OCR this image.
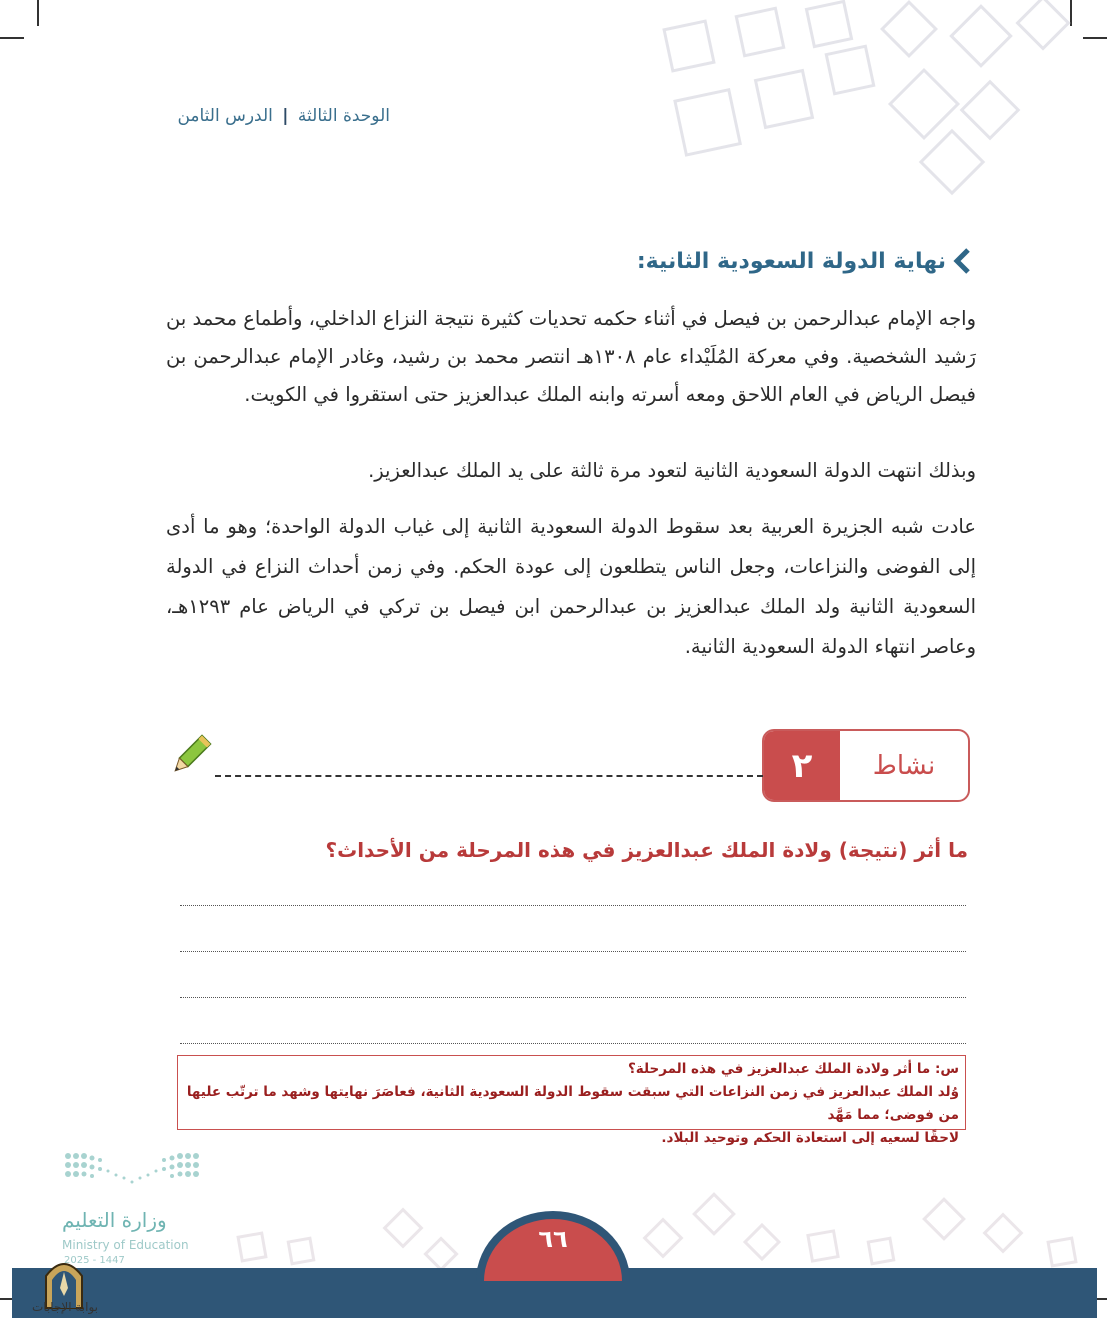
الوحدة الثالثة | الدرس الثامن
نهاية الدولة السعودية الثانية:
واجه الإمام عبدالرحمن بن فيصل في أثناء حكمه تحديات كثيرة نتيجة النزاع الداخلي، وأطماع محمد بن رَشيد الشخصية. وفي معركة المُلَيْداء عام ١٣٠٨هـ انتصر محمد بن رشيد، وغادر الإمام عبدالرحمن بن فيصل الرياض في العام اللاحق ومعه أسرته وابنه الملك عبدالعزيز حتى استقروا في الكويت.
وبذلك انتهت الدولة السعودية الثانية لتعود مرة ثالثة على يد الملك عبدالعزيز.
عادت شبه الجزيرة العربية بعد سقوط الدولة السعودية الثانية إلى غياب الدولة الواحدة؛ وهو ما أدى إلى الفوضى والنزاعات، وجعل الناس يتطلعون إلى عودة الحكم. وفي زمن أحداث النزاع في الدولة السعودية الثانية ولد الملك عبدالعزيز بن عبدالرحمن ابن فيصل بن تركي في الرياض عام ١٢٩٣هـ، وعاصر انتهاء الدولة السعودية الثانية.
٢	نشاط
ما أثر (نتيجة) ولادة الملك عبدالعزيز في هذه المرحلة من الأحداث؟
س: ما أثر ولادة الملك عبدالعزيز في هذه المرحلة؟
وُلد الملك عبدالعزيز في زمن النزاعات التي سبقت سقوط الدولة السعودية الثانية، فعاصَرَ نهايتها وشهد ما ترتّب عليها من فوضى؛ مما مَهَّد
لاحقًا لسعيه إلى استعادة الحكم وتوحيد البلاد.
وزارة التعليم
Ministry of Education
2025 - 1447
٦٦
بوابة الإجابات
